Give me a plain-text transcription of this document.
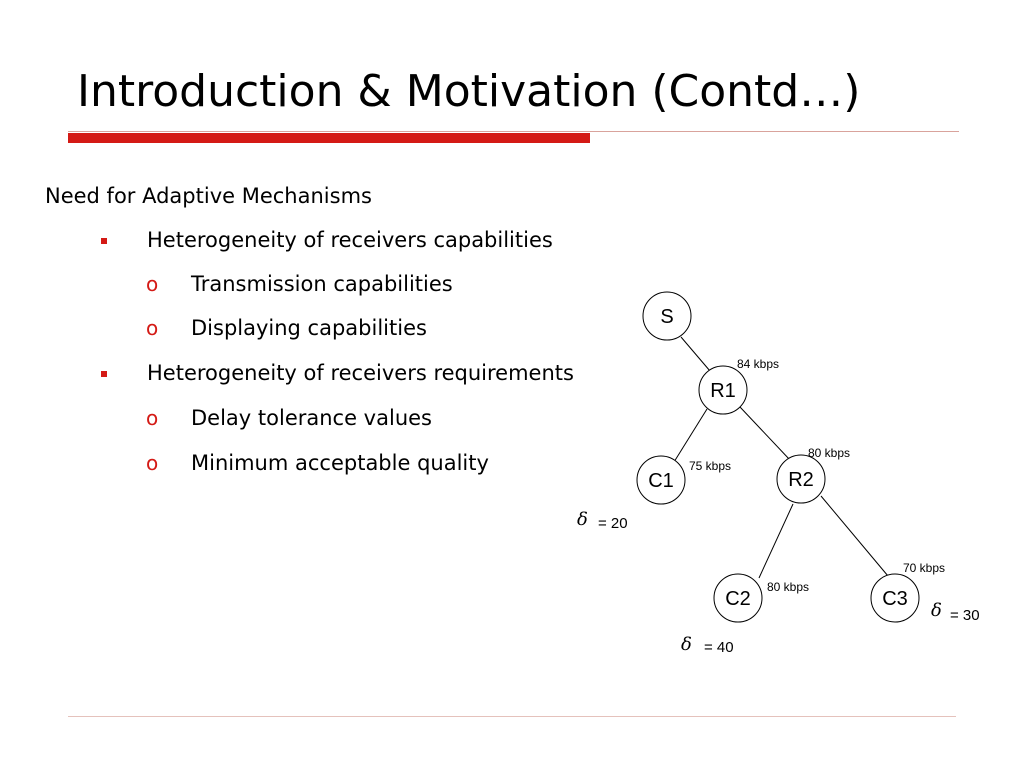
Introduction & Motivation (Contd…)
Need for Adaptive Mechanisms
Heterogeneity of receivers capabilities
o Transmission capabilities
o Displaying capabilities
Heterogeneity of receivers requirements
o Delay tolerance values
o Minimum acceptable quality
S
R1
C1	R2
C2	C3
84 kbps
75 kbps
80 kbps
80 kbps
70 kbps
δ = 20
δ = 40
δ = 30
